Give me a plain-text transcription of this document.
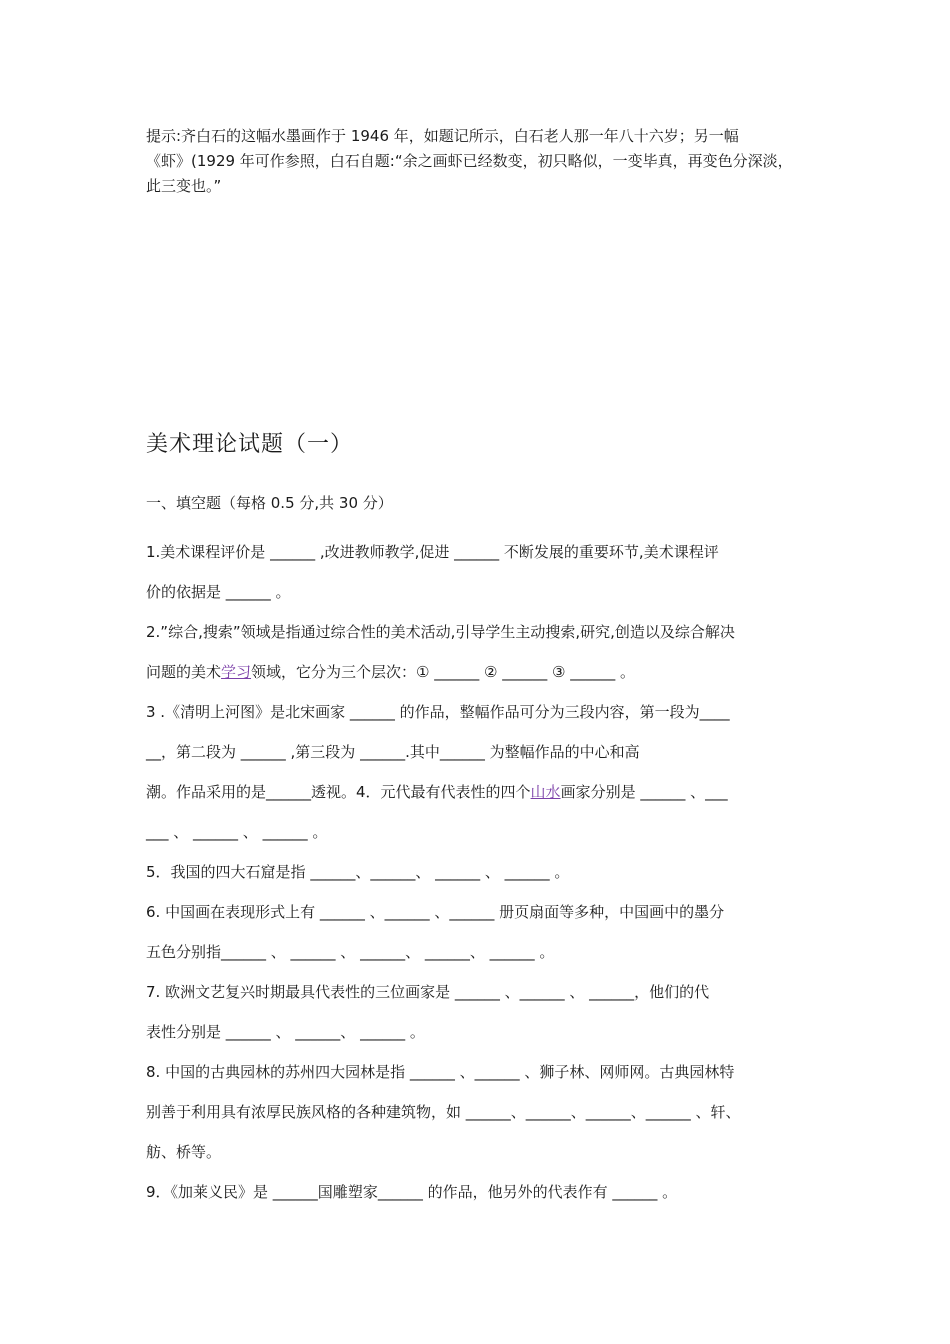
提示:齐白石的这幅水墨画作于 1946 年，如题记所示，白石老人那一年八十六岁；另一幅
《虾》(1929 年可作参照，白石自题:“余之画虾已经数变，初只略似，一变毕真，再变色分深淡，
此三变也。”
美术理论试题（一）
一、填空题（每格 0.5 分,共 30 分）
1.美术课程评价是 ______ ,改进教师教学,促进 ______ 不断发展的重要环节,美术课程评
价的依据是 ______ 。
2.”综合,搜索”领域是指通过综合性的美术活动,引导学生主动搜索,研究,创造以及综合解决
问题的美术学习领域，它分为三个层次：① ______ ② ______ ③ ______ 。
3 .《清明上河图》是北宋画家 ______ 的作品，整幅作品可分为三段内容，第一段为____
__，第二段为 ______ ,第三段为 ______.其中______ 为整幅作品的中心和高
潮。作品采用的是______透视。4．元代最有代表性的四个山水画家分别是 ______ 、___
___ 、 ______ 、 ______ 。
5．我国的四大石窟是指 ______、______、 ______ 、 ______ 。
6. 中国画在表现形式上有 ______ 、______ 、______ 册页扇面等多种，中国画中的墨分
五色分别指______ 、 ______ 、 ______、 ______、 ______ 。
7. 欧洲文艺复兴时期最具代表性的三位画家是 ______ 、______ 、 ______，他们的代
表性分别是 ______ 、 ______、 ______ 。
8. 中国的古典园林的苏州四大园林是指 ______ 、______ 、狮子林、网师网。古典园林特
别善于利用具有浓厚民族风格的各种建筑物，如 ______、______、______、______ 、轩、
舫、桥等。
9．《加莱义民》是 ______国雕塑家______ 的作品，他另外的代表作有 ______ 。
